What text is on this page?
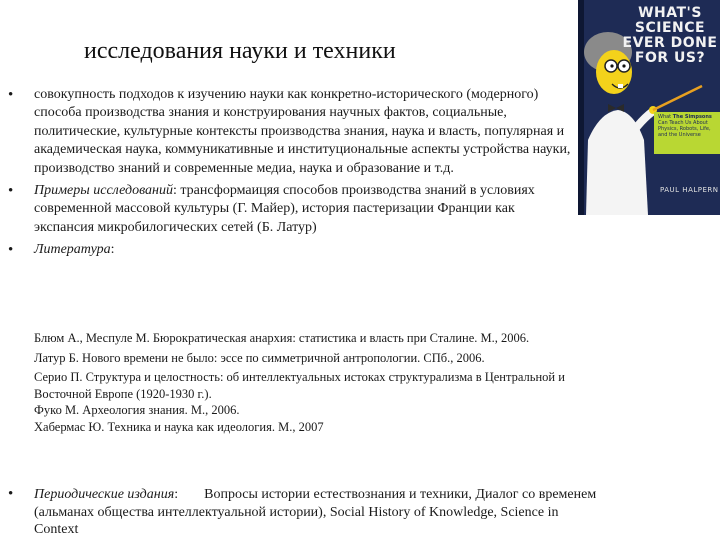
исследования науки и техники
• совокупность подходов к изучению науки как конкретно-исторического (модерного) способа производства знания и конструирования научных фактов, социальные, политические, культурные контексты производства знания, наука и власть, популярная и академическая наука, коммуникативные и институциональные аспекты устройства науки, производство знаний и современные медиа, наука и образование и т.д.
• Примеры исследований: трансформаицяя способов производства знаний в условиях современной массовой культуры (Г. Майер), история пастеризации Франции как экспансия микробилогических сетей (Б. Латур)
• Литература:
Блюм А., Меспуле М. Бюрократическая анархия: статистика и власть при Сталине. М., 2006.
Латур Б. Нового времени не было: эссе по симметричной антропологии. СПб., 2006.
Серио П. Структура и целостность: об интеллектуальных истоках структурализма в Центральной и Восточной Европе (1920-1930 г.).
Фуко М. Археология знания. М., 2006.
Хабермас Ю. Техника и наука как идеология. М., 2007
• Периодические издания: Вопросы истории естествознания и техники, Диалог со временем (альманах общества интеллектуальной истории), Social History of Knowledge, Science in Context
WHAT'S SCIENCE EVER DONE FOR US?
What The Simpsons Can Teach Us About Physics, Robots, Life, and the Universe
PAUL HALPERN
